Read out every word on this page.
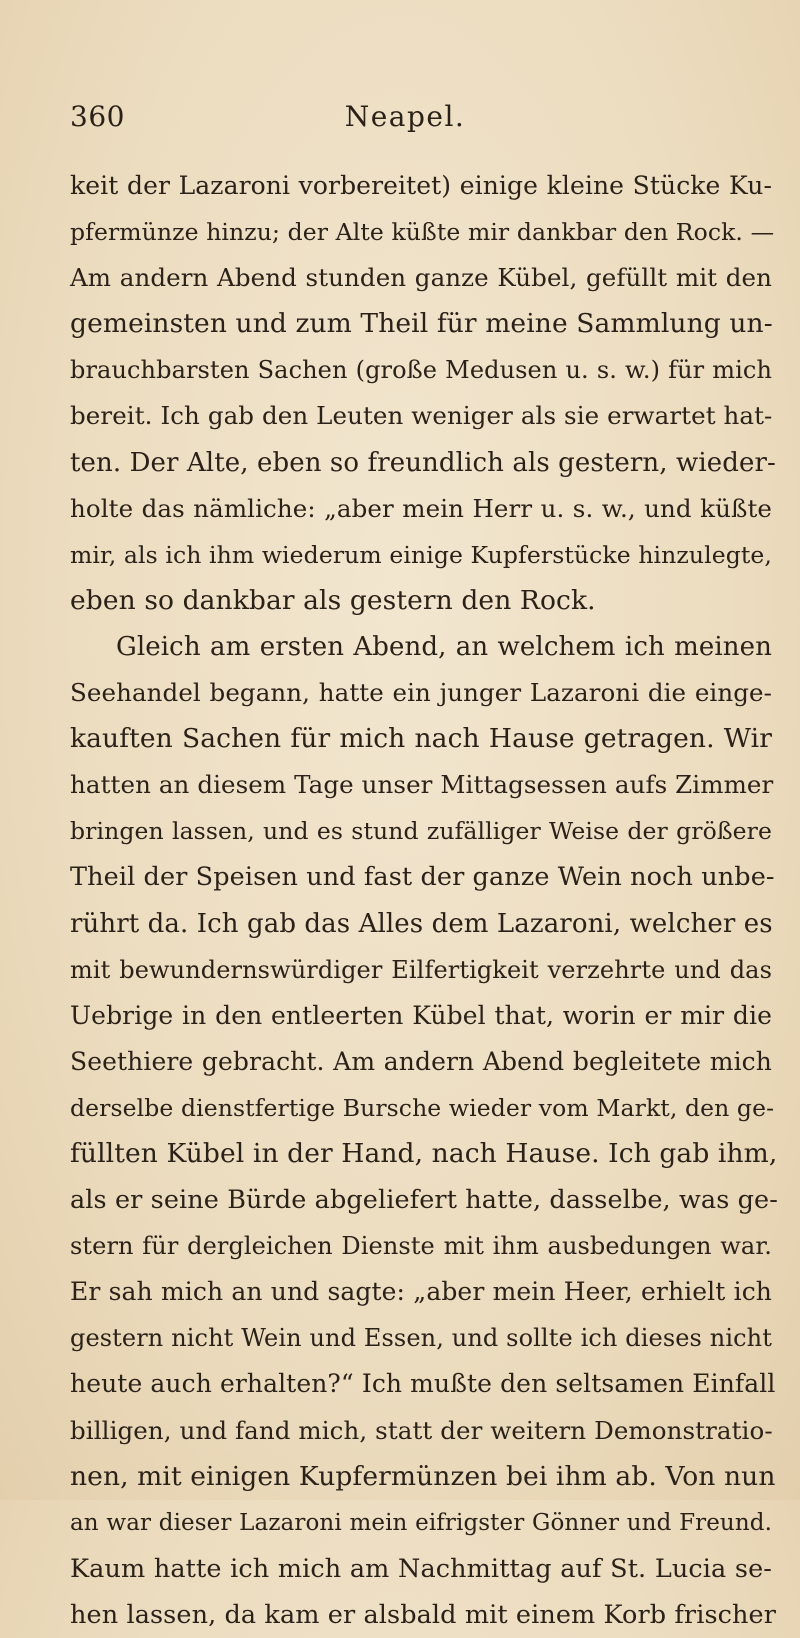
360	Neapel.
keit der Lazaroni vorbereitet) einige kleine Stücke Ku-
pfermünze hinzu; der Alte küßte mir dankbar den Rock. —
Am andern Abend stunden ganze Kübel, gefüllt mit den
gemeinsten und zum Theil für meine Sammlung un-
brauchbarsten Sachen (große Medusen u. s. w.) für mich
bereit. Ich gab den Leuten weniger als sie erwartet hat-
ten. Der Alte, eben so freundlich als gestern, wieder-
holte das nämliche: „aber mein Herr u. s. w., und küßte
mir, als ich ihm wiederum einige Kupferstücke hinzulegte,
eben so dankbar als gestern den Rock.
Gleich am ersten Abend, an welchem ich meinen
Seehandel begann, hatte ein junger Lazaroni die einge-
kauften Sachen für mich nach Hause getragen. Wir
hatten an diesem Tage unser Mittagsessen aufs Zimmer
bringen lassen, und es stund zufälliger Weise der größere
Theil der Speisen und fast der ganze Wein noch unbe-
rührt da. Ich gab das Alles dem Lazaroni, welcher es
mit bewundernswürdiger Eilfertigkeit verzehrte und das
Uebrige in den entleerten Kübel that, worin er mir die
Seethiere gebracht. Am andern Abend begleitete mich
derselbe dienstfertige Bursche wieder vom Markt, den ge-
füllten Kübel in der Hand, nach Hause. Ich gab ihm,
als er seine Bürde abgeliefert hatte, dasselbe, was ge-
stern für dergleichen Dienste mit ihm ausbedungen war.
Er sah mich an und sagte: „aber mein Heer, erhielt ich
gestern nicht Wein und Essen, und sollte ich dieses nicht
heute auch erhalten?“ Ich mußte den seltsamen Einfall
billigen, und fand mich, statt der weitern Demonstratio-
nen, mit einigen Kupfermünzen bei ihm ab. Von nun
an war dieser Lazaroni mein eifrigster Gönner und Freund.
Kaum hatte ich mich am Nachmittag auf St. Lucia se-
hen lassen, da kam er alsbald mit einem Korb frischer
